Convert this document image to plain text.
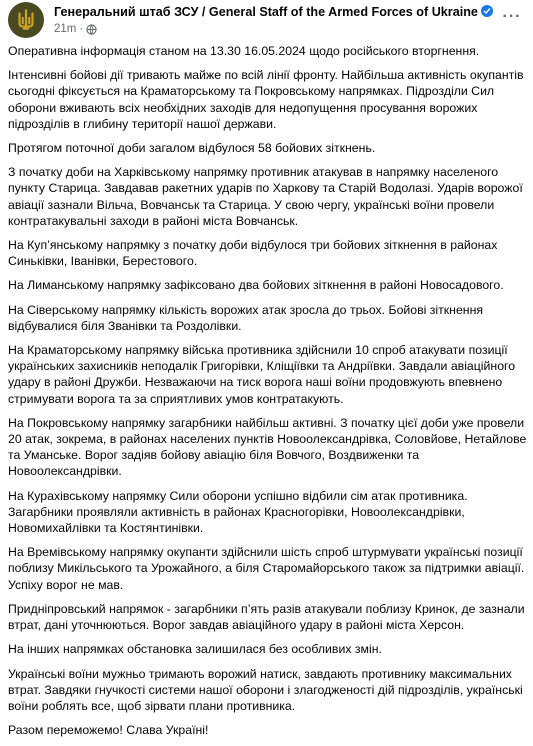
Генеральний штаб ЗСУ / General Staff of the Armed Forces of Ukraine
21m ·
···

Оперативна інформація станом на 13.30 16.05.2024 щодо російського вторгнення.

Інтенсивні бойові дії тривають майже по всій лінії фронту. Найбільша активність окупантів сьогодні фіксується на Краматорському та Покровському напрямках. Підрозділи Сил оборони вживають всіх необхідних заходів для недопущення просування ворожих підрозділів в глибину території нашої держави.

Протягом поточної доби загалом відбулося 58 бойових зіткнень.

З початку доби на Харківському напрямку противник атакував в напрямку населеного пункту Старица. Завдавав ракетних ударів по Харкову та Старій Водолазі. Ударів ворожої авіації зазнали Вільча, Вовчанськ та Старица. У свою чергу, українські воїни провели контратакувальні заходи в районі міста Вовчанськ.

На Куп’янському напрямку з початку доби відбулося три бойових зіткнення в районах Синьківки, Іванівки, Берестового.

На Лиманському напрямку зафіксовано два бойових зіткнення в районі Новосадового.

На Сіверському напрямку кількість ворожих атак зросла до трьох. Бойові зіткнення відбувалися біля Званівки та Роздолівки.

На Краматорському напрямку війська противника здійснили 10 спроб атакувати позиції українських захисників неподалік Григорівки, Кліщіївки та Андріївки. Завдали авіаційного удару в районі Дружби. Незважаючи на тиск ворога наші воїни продовжують впевнено стримувати ворога та за сприятливих умов контратакують.

На Покровському напрямку загарбники найбільш активні. З початку цієї доби уже провели 20 атак, зокрема, в районах населених пунктів Новоолександрівка, Соловйове, Нетайлове та Уманське. Ворог задіяв бойову авіацію біля Вовчого, Воздвиженки та Новоолександрівки.

На Курахівському напрямку Сили оборони успішно відбили сім атак противника. Загарбники проявляли активність в районах Красногорівки, Новоолександрівки, Новомихайлівки та Костянтинівки.

На Времівському напрямку окупанти здійснили шість спроб штурмувати українські позиції поблизу Микільського та Урожайного, а біля Старомайорського також за підтримки авіації. Успіху ворог не мав.

Придніпровський напрямок - загарбники п’ять разів атакували поблизу Кринок, де зазнали втрат, дані уточнюються. Ворог завдав авіаційного удару в районі міста Херсон.

На інших напрямках обстановка залишилася без особливих змін.

Українські воїни мужньо тримають ворожий натиск, завдають противнику максимальних втрат. Завдяки гнучкості системи нашої оборони і злагодженості дій підрозділів, українські воїни роблять все, щоб зірвати плани противника.

Разом переможемо! Слава Україні!
